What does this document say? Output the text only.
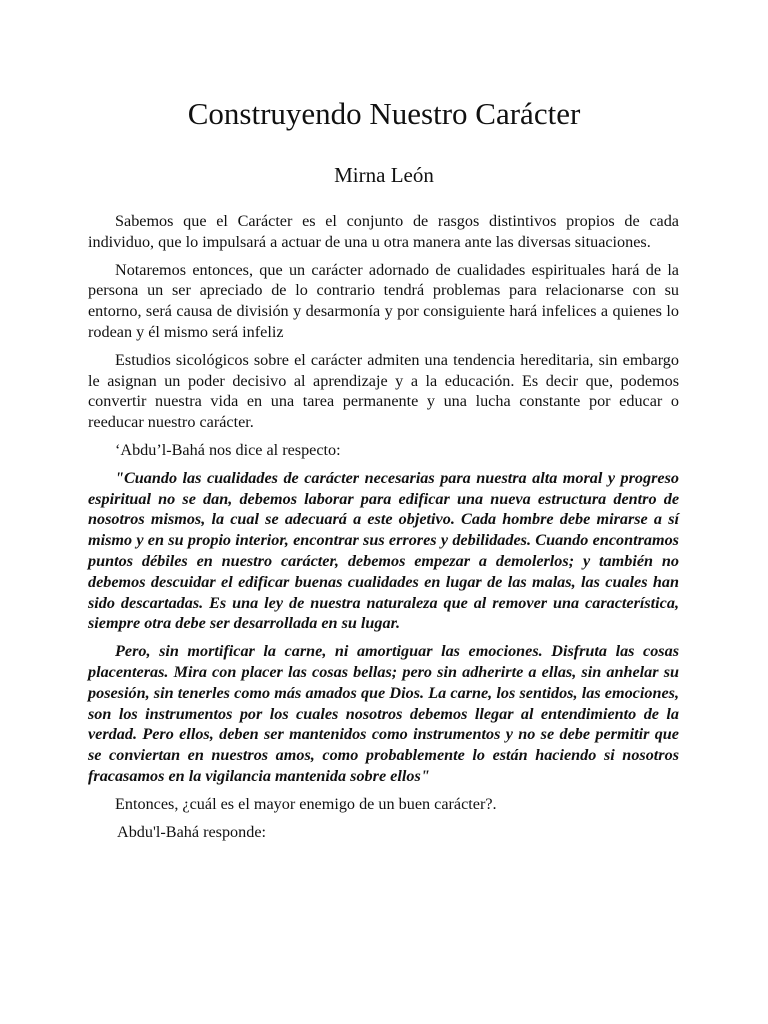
Construyendo Nuestro Carácter
Mirna León

Sabemos que el Carácter es el conjunto de rasgos distintivos propios de cada individuo, que lo impulsará a actuar de una u otra manera ante las diversas situaciones.

Notaremos entonces, que un carácter adornado de cualidades espirituales hará de la persona un ser apreciado de lo contrario tendrá problemas para relacionarse con su entorno, será causa de división y desarmonía y por consiguiente hará infelices a quienes lo rodean y él mismo será infeliz

Estudios sicológicos sobre el carácter admiten una tendencia hereditaria, sin embargo le asignan un poder decisivo al aprendizaje y a la educación. Es decir que, podemos convertir nuestra vida en una tarea permanente y una lucha constante por educar o reeducar nuestro carácter.

‘Abdu’l-Bahá nos dice al respecto:

"Cuando las cualidades de carácter necesarias para nuestra alta moral y progreso espiritual no se dan, debemos laborar para edificar una nueva estructura dentro de nosotros mismos, la cual se adecuará a este objetivo. Cada hombre debe mirarse a sí mismo y en su propio interior, encontrar sus errores y debilidades. Cuando encontramos puntos débiles en nuestro carácter, debemos empezar a demolerlos; y también no debemos descuidar el edificar buenas cualidades en lugar de las malas, las cuales han sido descartadas. Es una ley de nuestra naturaleza que al remover una característica, siempre otra debe ser desarrollada en su lugar.

Pero, sin mortificar la carne, ni amortiguar las emociones. Disfruta las cosas placenteras. Mira con placer las cosas bellas; pero sin adherirte a ellas, sin anhelar su posesión, sin tenerles como más amados que Dios. La carne, los sentidos, las emociones, son los instrumentos por los cuales nosotros debemos llegar al entendimiento de la verdad. Pero ellos, deben ser mantenidos como instrumentos y no se debe permitir que se conviertan en nuestros amos, como probablemente lo están haciendo si nosotros fracasamos en la vigilancia mantenida sobre ellos"

Entonces, ¿cuál es el mayor enemigo de un buen carácter?.

Abdu'l-Bahá responde:
